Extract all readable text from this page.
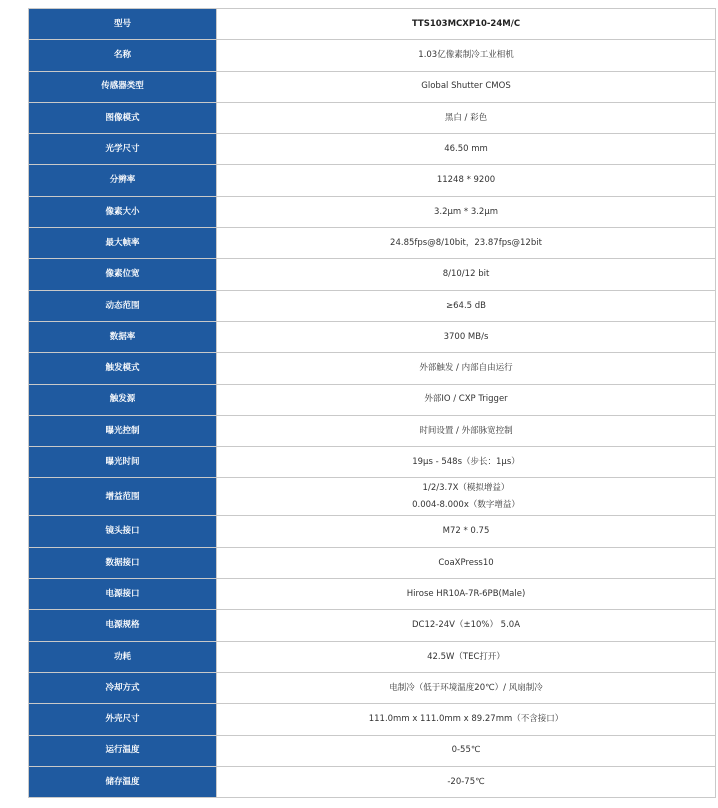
型号	TTS103MCXP10-24M/C
名称	1.03亿像素制冷工业相机
传感器类型	Global Shutter CMOS
图像模式	黑白 / 彩色
光学尺寸	46.50 mm
分辨率	11248 * 9200
像素大小	3.2μm * 3.2μm
最大帧率	24.85fps@8/10bit，23.87fps@12bit
像素位宽	8/10/12 bit
动态范围	≥64.5 dB
数据率	3700 MB/s
触发模式	外部触发 / 内部自由运行
触发源	外部IO / CXP Trigger
曝光控制	时间设置 / 外部脉宽控制
曝光时间	19μs - 548s（步长：1μs）
增益范围	1/2/3.7X（模拟增益）
0.004-8.000x（数字增益）

镜头接口	M72 * 0.75
数据接口	CoaXPress10
电源接口	Hirose HR10A-7R-6PB(Male)
电源规格	DC12-24V（±10%） 5.0A
功耗	42.5W（TEC打开）
冷却方式	电制冷（低于环境温度20℃）/ 风扇制冷
外壳尺寸	111.0mm x 111.0mm x 89.27mm（不含接口）
运行温度	0-55℃
储存温度	-20-75℃
